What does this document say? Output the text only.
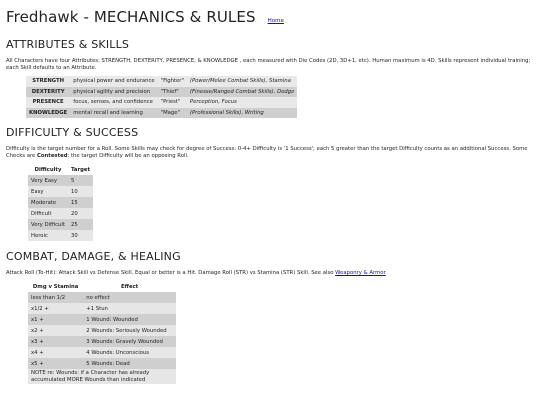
Fredhawk - MECHANICS & RULES Home
ATTRIBUTES & SKILLS

All Characters have four Attributes: STRENGTH, DEXTERITY, PRESENCE, & KNOWLEDGE , each measured with Die Codes (2D, 3D+1, etc). Human maximum is 4D. Skills represent individual training; each Skill defaults to an Attribute.

STRENGTH	physical power and endurance	"Fighter"	(Power/Melee Combat Skills), Stamina
DEXTERITY	physical agility and precision	"Thief"	(Finesse/Ranged Combat Skills), Dodge
PRESENCE	focus, senses, and confidence	"Priest"	Perception, Focus
KNOWLEDGE	mental recall and learning	"Mage"	(Professional Skills), Writing
DIFFICULTY & SUCCESS

Difficulty is the target number for a Roll. Some Skills may check for degree of Success: 0-4+ Difficulty is '1 Success'; each 5 greater than the target Difficulty counts as an additional Success. Some Checks are Contested: the target Difficulty will be an opposing Roll.

Difficulty	Target
Very Easy	5
Easy	10
Moderate	15
Difficult	20
Very Difficult	25
Heroic	30
COMBAT, DAMAGE, & HEALING

Attack Roll (To-Hit): Attack Skill vs Defense Skill. Equal or better is a Hit. Damage Roll (STR) vs Stamina (STR) Skill. See also Weaponry & Armor

Dmg v Stamina	Effect
less than 1/2	no effect
x1/2 +	+1 Stun
x1 +	1 Wound: Wounded
x2 +	2 Wounds: Seriously Wounded
x3 +	3 Wounds: Gravely Wounded
x4 +	4 Wounds: Unconscious
x5 +	5 Wounds: Dead
NOTE re: Wounds: if a Character has already accumulated MORE Wounds than indicated	
